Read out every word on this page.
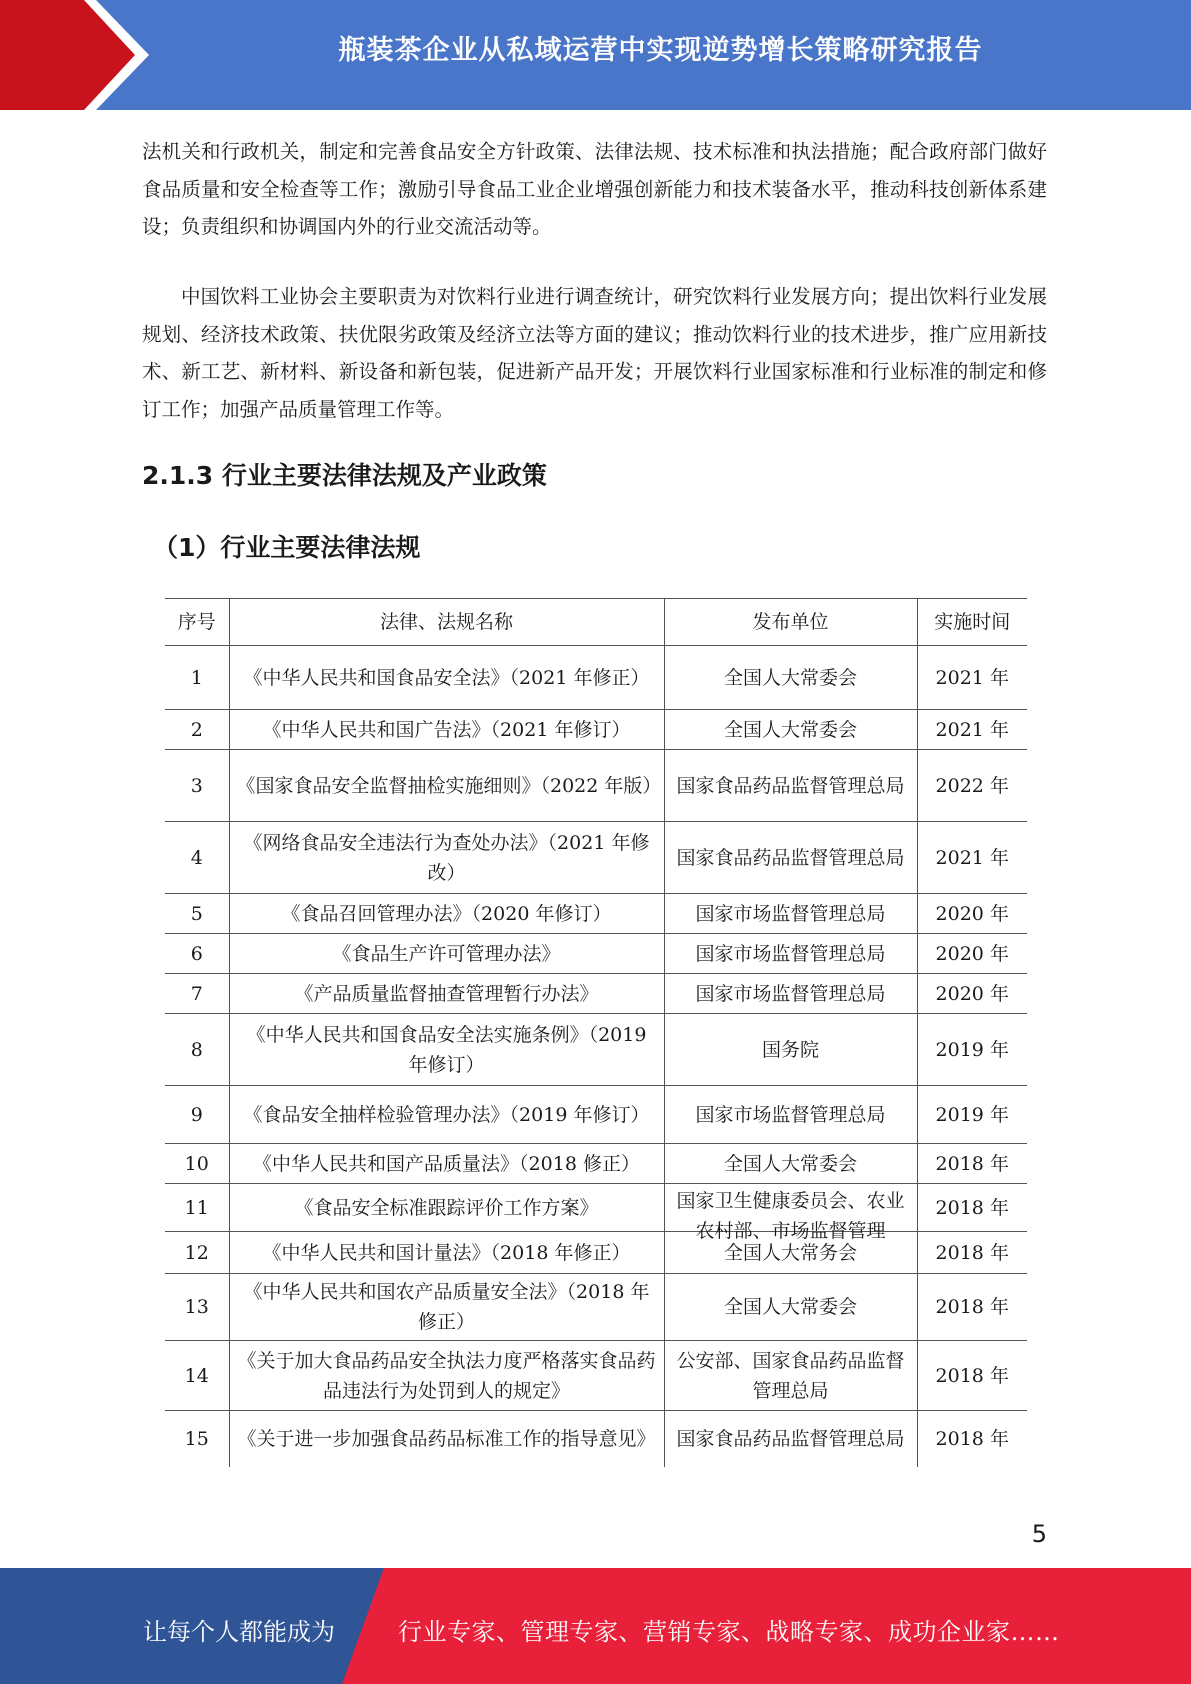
瓶装茶企业从私域运营中实现逆势增长策略研究报告

法机关和行政机关，制定和完善食品安全方针政策、法律法规、技术标准和执法措施；配合政府部门做好食品质量和安全检查等工作；激励引导食品工业企业增强创新能力和技术装备水平，推动科技创新体系建设；负责组织和协调国内外的行业交流活动等。

中国饮料工业协会主要职责为对饮料行业进行调查统计，研究饮料行业发展方向；提出饮料行业发展规划、经济技术政策、扶优限劣政策及经济立法等方面的建议；推动饮料行业的技术进步，推广应用新技术、新工艺、新材料、新设备和新包装，促进新产品开发；开展饮料行业国家标准和行业标准的制定和修订工作；加强产品质量管理工作等。

2.1.3 行业主要法律法规及产业政策
（1）行业主要法律法规
序号	法律、法规名称	发布单位	实施时间
1	《中华人民共和国食品安全法》（2021 年修正）	全国人大常委会	2021 年
2	《中华人民共和国广告法》（2021 年修订）	全国人大常委会	2021 年
3	《国家食品安全监督抽检实施细则》（2022 年版）	国家食品药品监督管理总局	2022 年
4	《网络食品安全违法行为查处办法》（2021 年修改）	国家食品药品监督管理总局	2021 年
5	《食品召回管理办法》（2020 年修订）	国家市场监督管理总局	2020 年
6	《食品生产许可管理办法》	国家市场监督管理总局	2020 年
7	《产品质量监督抽查管理暂行办法》	国家市场监督管理总局	2020 年
8	《中华人民共和国食品安全法实施条例》（2019 年修订）	国务院	2019 年
9	《食品安全抽样检验管理办法》（2019 年修订）	国家市场监督管理总局	2019 年
10	《中华人民共和国产品质量法》（2018 修正）	全国人大常委会	2018 年
11	《食品安全标准跟踪评价工作方案》	国家卫生健康委员会、农业农村部、市场监督管理	2018 年
12	《中华人民共和国计量法》（2018 年修正）	全国人大常务会	2018 年
13	《中华人民共和国农产品质量安全法》（2018 年修正）	全国人大常委会	2018 年
14	《关于加大食品药品安全执法力度严格落实食品药品违法行为处罚到人的规定》	公安部、国家食品药品监督管理总局	2018 年
15	《关于进一步加强食品药品标准工作的指导意见》	国家食品药品监督管理总局	2018 年
5
让每个人都能成为	行业专家、管理专家、营销专家、战略专家、成功企业家……
